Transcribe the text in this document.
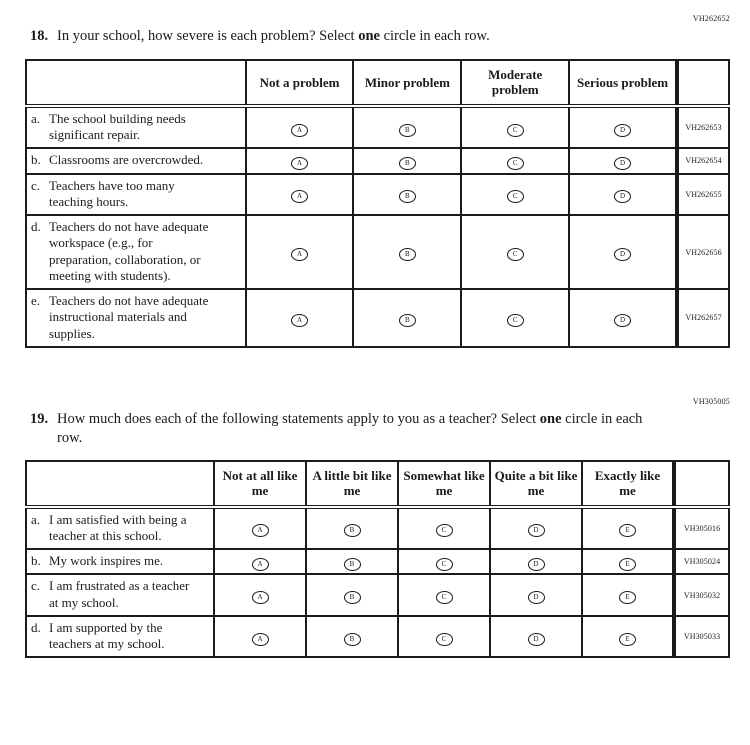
VH262652
18. In your school, how severe is each problem? Select one circle in each row.
	Not a problem	Minor problem	Moderate problem	Serious problem	

a. The school building needs significant repair.	A	B	C	D	VH262653

b. Classrooms are overcrowded.	A	B	C	D	VH262654

c. Teachers have too many teaching hours.	A	B	C	D	VH262655

d. Teachers do not have adequate workspace (e.g., for preparation, collaboration, or meeting with students).	A	B	C	D	VH262656

e. Teachers do not have adequate instructional materials and supplies.	A	B	C	D	VH262657
VH305005
19. How much does each of the following statements apply to you as a teacher? Select one circle in each row.
	Not at all like me	A little bit like me	Somewhat like me	Quite a bit like me	Exactly like me	

a. I am satisfied with being a teacher at this school.	A	B	C	D	E	VH305016

b. My work inspires me.	A	B	C	D	E	VH305024

c. I am frustrated as a teacher at my school.	A	B	C	D	E	VH305032

d. I am supported by the teachers at my school.	A	B	C	D	E	VH305033
